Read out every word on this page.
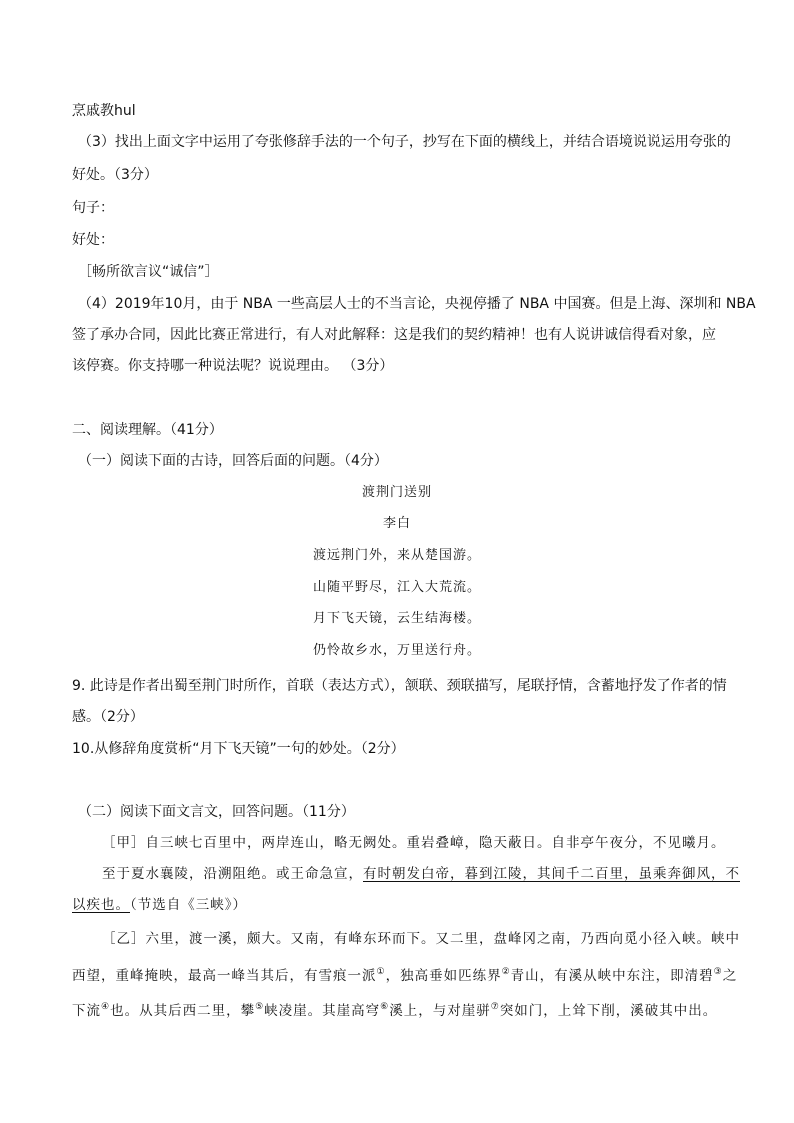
烹戚教hul
（3）找出上面文字中运用了夸张修辞手法的一个句子，抄写在下面的横线上，并结合语境说说运用夸张的
好处。（3分）
句子：
好处：
［畅所欲言议“诚信”］
（4）2019年10月，由于 NBA 一些高层人士的不当言论，央视停播了 NBA 中国赛。但是上海、深圳和 NBA
签了承办合同，因此比赛正常进行，有人对此解释：这是我们的契约精神！也有人说讲诚信得看对象，应
该停赛。你支持哪一种说法呢？说说理由。 （3分）
二、阅读理解。（41分）
（一）阅读下面的古诗，回答后面的问题。（4分）
渡荆门送别
李白
渡远荆门外，来从楚国游。
山随平野尽，江入大荒流。
月下飞天镜，云生结海楼。
仍怜故乡水，万里送行舟。
9. 此诗是作者出蜀至荆门时所作，首联（表达方式），颔联、颈联描写，尾联抒情，含蓄地抒发了作者的情
感。（2分）
10.从修辞角度赏析“月下飞天镜”一句的妙处。（2分）
（二）阅读下面文言文，回答问题。（11分）
［甲］自三峡七百里中，两岸连山，略无阙处。重岩叠嶂，隐天蔽日。自非亭午夜分，不见曦月。
至于夏水襄陵，沿溯阻绝。或王命急宣，有时朝发白帝，暮到江陵，其间千二百里，虽乘奔御风，不
以疾也。（节选自《三峡》）
［乙］六里，渡一溪，颇大。又南，有峰东环而下。又二里，盘峰冈之南，乃西向觅小径入峡。峡中
西望，重峰掩映，最高一峰当其后，有雪痕一派①，独高垂如匹练界②青山，有溪从峡中东注，即清碧③之
下流④也。从其后西二里，攀⑤峡凌崖。其崖高穹⑥溪上，与对崖骈⑦突如门，上耸下削，溪破其中出。
